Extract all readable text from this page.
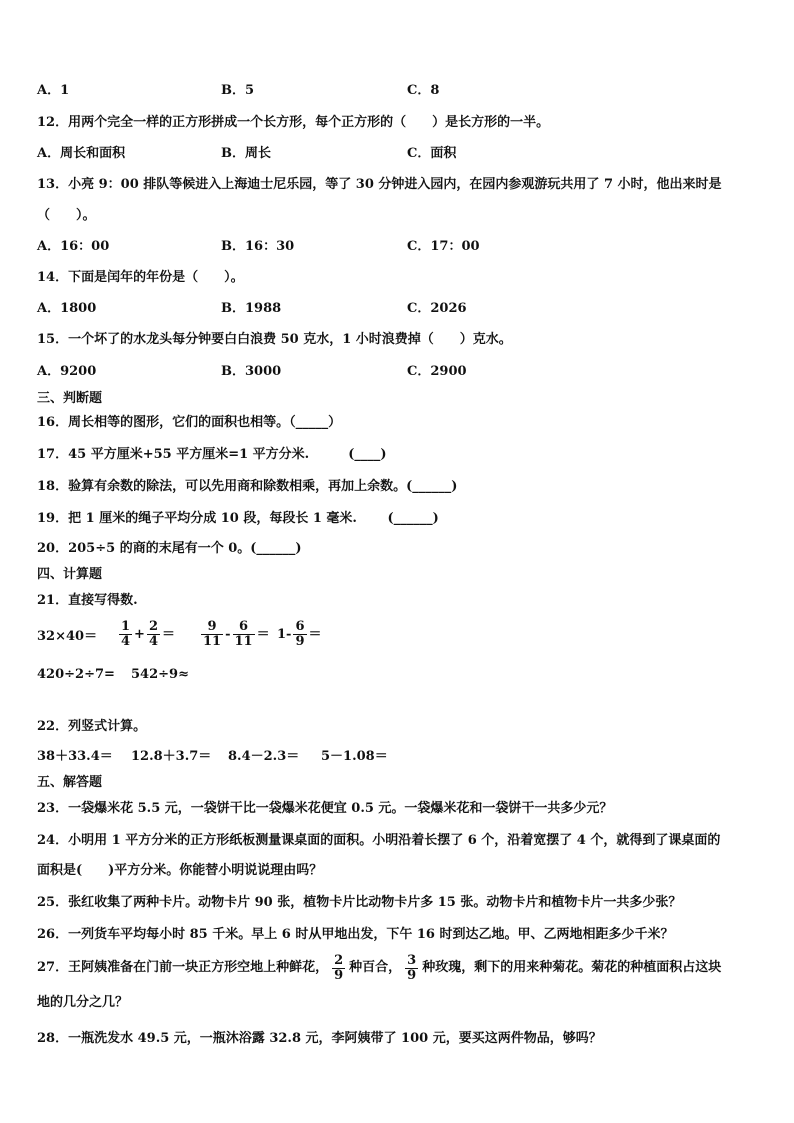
A．1	B．5	C．8
12．用两个完全一样的正方形拼成一个长方形，每个正方形的（　　）是长方形的一半。
A．周长和面积	B．周长	C．面积
13．小亮 9：00 排队等候进入上海迪士尼乐园，等了 30 分钟进入园内，在园内参观游玩共用了 7 小时，他出来时是
（　　）。
A．16：00	B．16：30	C．17：00
14．下面是闰年的年份是（　　）。
A．1800	B．1988	C．2026
15．一个坏了的水龙头每分钟要白白浪费 50 克水，1 小时浪费掉（　　）克水。
A．9200	B．3000	C．2900
三、判断题
16．周长相等的图形，它们的面积也相等。（_____）
17．45 平方厘米+55 平方厘米=1 平方分米.　　　(____)
18．验算有余数的除法，可以先用商和除数相乘，再加上余数。(______)
19．把 1 厘米的绳子平均分成 10 段，每段长 1 毫米.　　 (______)
20．205÷5 的商的末尾有一个 0。(______)
四、计算题
21．直接写得数.
$32\times 40= \frac{1}{4} + \frac{2}{4} = \frac{9}{11} - \frac{6}{11} = 1- \frac{6}{9}$ ＝
420÷2÷7= 542÷9≈
22．列竖式计算。
38＋33.4＝ 12.8＋3.7＝ 8.4－2.3＝ 5－1.08＝
五、解答题
23．一袋爆米花 5.5 元，一袋饼干比一袋爆米花便宜 0.5 元。一袋爆米花和一袋饼干一共多少元？
24．小明用 1 平方分米的正方形纸板测量课桌面的面积。小明沿着长摆了 6 个，沿着宽摆了 4 个，就得到了课桌面的
面积是(　　)平方分米。你能替小明说说理由吗？
25．张红收集了两种卡片。动物卡片 90 张，植物卡片比动物卡片多 15 张。动物卡片和植物卡片一共多少张？
26．一列货车平均每小时 85 千米。早上 6 时从甲地出发，下午 16 时到达乙地。甲、乙两地相距多少千米？
27．王阿姨准备在门前一块正方形空地上种鲜花， $\frac{2}{9}$ 种百合， $\frac{3}{9}$ 种玫瑰，剩下的用来种菊花。菊花的种植面积占这块
地的几分之几？
28．一瓶洗发水 49.5 元，一瓶沐浴露 32.8 元，李阿姨带了 100 元，要买这两件物品，够吗？
